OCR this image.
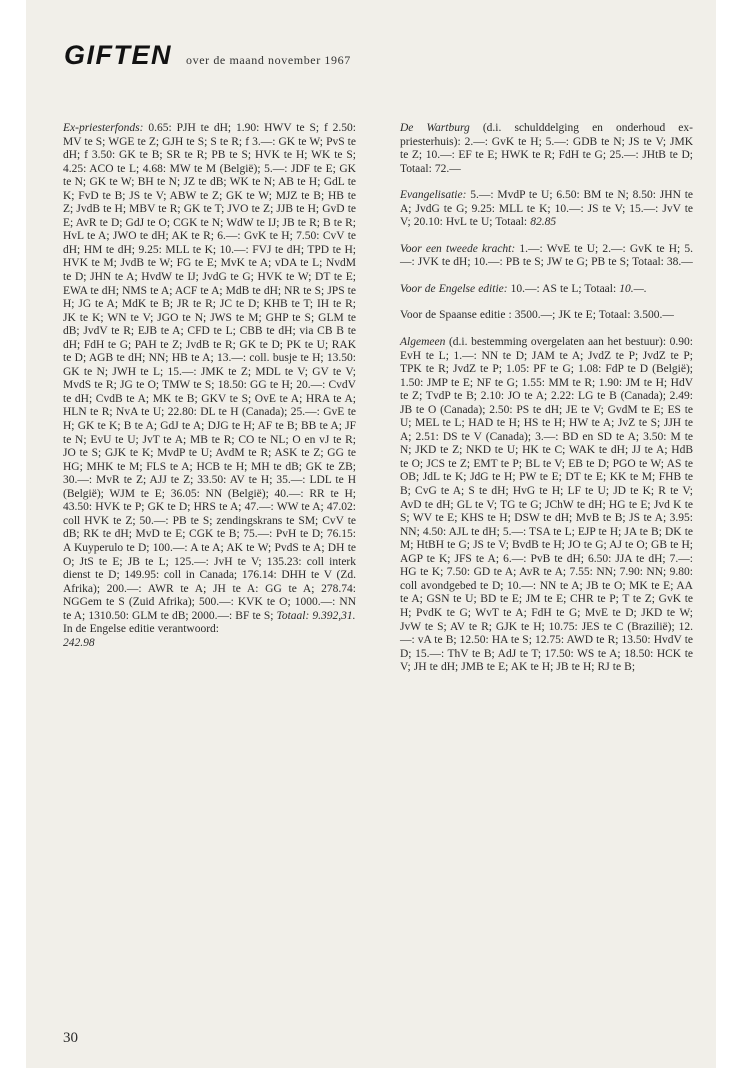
GIFTEN over de maand november 1967

Ex-priesterfonds: 0.65: PJH te dH; 1.90: HWV te S; f 2.50: MV te S; WGE te Z; GJH te S; S te R; f 3.—: GK te W; PvS te dH; f 3.50: GK te B; SR te R; PB te S; HVK te H; WK te S; 4.25: ACO te L; 4.68: MW te M (België); 5.—: JDF te E; GK te N; GK te W; BH te N; JZ te dB; WK te N; AB te H; GdL te K; FvD te B; JS te V; ABW te Z; GK te W; MJZ te B; HB te Z; JvdB te H; MBV te R; GK te T; JVO te Z; JJB te H; GvD te E; AvR te D; GdJ te O; CGK te N; WdW te IJ; JB te R; B te R; HvL te A; JWO te dH; AK te R; 6.—: GvK te H; 7.50: CvV te dH; HM te dH; 9.25: MLL te K; 10.—: FVJ te dH; TPD te H; HVK te M; JvdB te W; FG te E; MvK te A; vDA te L; NvdM te D; JHN te A; HvdW te IJ; JvdG te G; HVK te W; DT te E; EWA te dH; NMS te A; ACF te A; MdB te dH; NR te S; JPS te H; JG te A; MdK te B; JR te R; JC te D; KHB te T; IH te R; JK te K; WN te V; JGO te N; JWS te M; GHP te S; GLM te dB; JvdV te R; EJB te A; CFD te L; CBB te dH; via CB B te dH; FdH te G; PAH te Z; JvdB te R; GK te D; PK te U; RAK te D; AGB te dH; NN; HB te A; 13.—: coll. busje te H; 13.50: GK te N; JWH te L; 15.—: JMK te Z; MDL te V; GV te V; MvdS te R; JG te O; TMW te S; 18.50: GG te H; 20.—: CvdV te dH; CvdB te A; MK te B; GKV te S; OvE te A; HRA te A; HLN te R; NvA te U; 22.80: DL te H (Canada); 25.—: GvE te H; GK te K; B te A; GdJ te A; DJG te H; AF te B; BB te A; JF te N; EvU te U; JvT te A; MB te R; CO te NL; O en vJ te R; JO te S; GJK te K; MvdP te U; AvdM te R; ASK te Z; GG te HG; MHK te M; FLS te A; HCB te H; MH te dB; GK te ZB; 30.—: MvR te Z; AJJ te Z; 33.50: AV te H; 35.—: LDL te H (België); WJM te E; 36.05: NN (België); 40.—: RR te H; 43.50: HVK te P; GK te D; HRS te A; 47.—: WW te A; 47.02: coll HVK te Z; 50.—: PB te S; zendingskrans te SM; CvV te dB; RK te dH; MvD te E; CGK te B; 75.—: PvH te D; 76.15: A Kuyperulo te D; 100.—: A te A; AK te W; PvdS te A; DH te O; JtS te E; JB te L; 125.—: JvH te V; 135.23: coll interk dienst te D; 149.95: coll in Canada; 176.14: DHH te V (Zd. Afrika); 200.—: AWR te A; JH te A: GG te A; 278.74: NGGem te S (Zuid Afrika); 500.—: KVK te O; 1000.—: NN te A; 1310.50: GLM te dB; 2000.—: BF te S; Totaal: 9.392,31.

In de Engelse editie verantwoord:

242.98

De Wartburg (d.i. schulddelging en onderhoud ex-priesterhuis): 2.—: GvK te H; 5.—: GDB te N; JS te V; JMK te Z; 10.—: EF te E; HWK te R; FdH te G; 25.—: JHtB te D; Totaal: 72.—

Evangelisatie: 5.—: MvdP te U; 6.50: BM te N; 8.50: JHN te A; JvdG te G; 9.25: MLL te K; 10.—: JS te V; 15.—: JvV te V; 20.10: HvL te U; Totaal: 82.85

Voor een tweede kracht: 1.—: WvE te U; 2.—: GvK te H; 5.—: JVK te dH; 10.—: PB te S; JW te G; PB te S; Totaal: 38.—

Voor de Engelse editie: 10.—: AS te L; Totaal: 10.—.

Voor de Spaanse editie : 3500.—; JK te E; Totaal: 3.500.—

Algemeen (d.i. bestemming overgelaten aan het bestuur): 0.90: EvH te L; 1.—: NN te D; JAM te A; JvdZ te P; JvdZ te P; TPK te R; JvdZ te P; 1.05: PF te G; 1.08: FdP te D (België); 1.50: JMP te E; NF te G; 1.55: MM te R; 1.90: JM te H; HdV te Z; TvdP te B; 2.10: JO te A; 2.22: LG te B (Canada); 2.49: JB te O (Canada); 2.50: PS te dH; JE te V; GvdM te E; ES te U; MEL te L; HAD te H; HS te H; HW te A; JvZ te S; JJH te A; 2.51: DS te V (Canada); 3.—: BD en SD te A; 3.50: M te N; JKD te Z; NKD te U; HK te C; WAK te dH; JJ te A; HdB te O; JCS te Z; EMT te P; BL te V; EB te D; PGO te W; AS te OB; JdL te K; JdG te H; PW te E; DT te E; KK te M; FHB te B; CvG te A; S te dH; HvG te H; LF te U; JD te K; R te V; AvD te dH; GL te V; TG te G; JChW te dH; HG te E; Jvd K te S; WV te E; KHS te H; DSW te dH; MvB te B; JS te A; 3.95: NN; 4.50: AJL te dH; 5.—: TSA te L; EJP te H; JA te B; DK te M; HtBH te G; JS te V; BvdB te H; JO te G; AJ te O; GB te H; AGP te K; JFS te A; 6.—: PvB te dH; 6.50: JJA te dH; 7.—: HG te K; 7.50: GD te A; AvR te A; 7.55: NN; 7.90: NN; 9.80: coll avondgebed te D; 10.—: NN te A; JB te O; MK te E; AA te A; GSN te U; BD te E; JM te E; CHR te P; T te Z; GvK te H; PvdK te G; WvT te A; FdH te G; MvE te D; JKD te W; JvW te S; AV te R; GJK te H; 10.75: JES te C (Brazilië); 12.—: vA te B; 12.50: HA te S; 12.75: AWD te R; 13.50: HvdV te D; 15.—: ThV te B; AdJ te T; 17.50: WS te A; 18.50: HCK te V; JH te dH; JMB te E; AK te H; JB te H; RJ te B;

30
